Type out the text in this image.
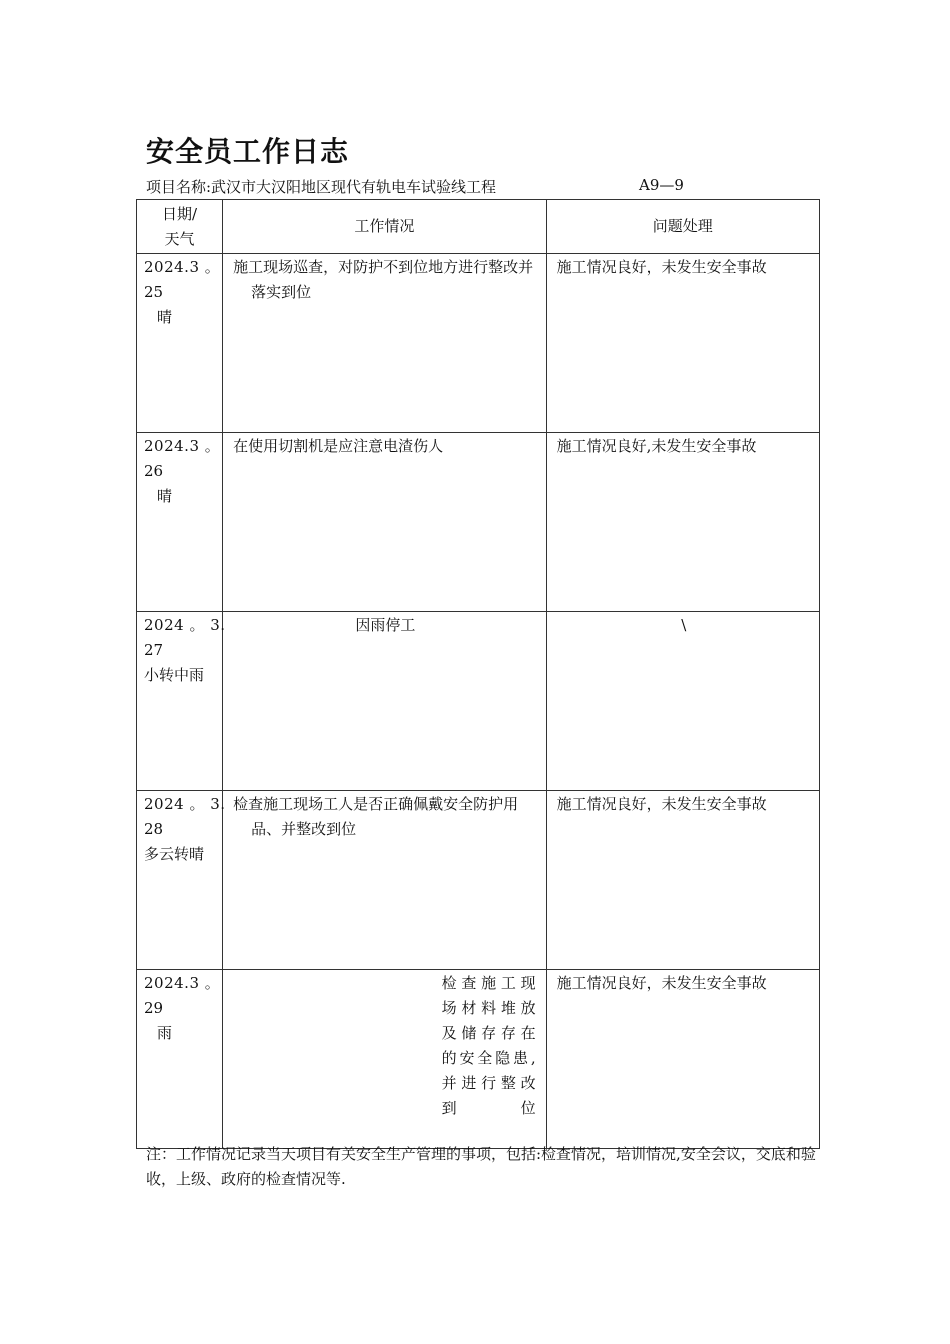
安全员工作日志
项目名称:武汉市大汉阳地区现代有轨电车试验线工程	A9—9
日期/
天气	工作情况	问题处理

2024.3 。
25
晴	施工现场巡查，对防护不到位地方进行整改并落实到位	施工情况良好，未发生安全事故

2024.3 。
26
晴	在使用切割机是应注意电渣伤人	施工情况良好,未发生安全事故

2024 。 3.
27
小转中雨	因雨停工	\

2024 。 3.
28
多云转晴	检查施工现场工人是否正确佩戴安全防护用品、并整改到位	施工情况良好，未发生安全事故

2024.3 。
29
雨	检查施工现场材料堆放及储存存在的安全隐患,并进行整改到位	施工情况良好，未发生安全事故
注：工作情况记录当天项目有关安全生产管理的事项，包括:检查情况，培训情况,安全会议，交底和验收，上级、政府的检查情况等.
